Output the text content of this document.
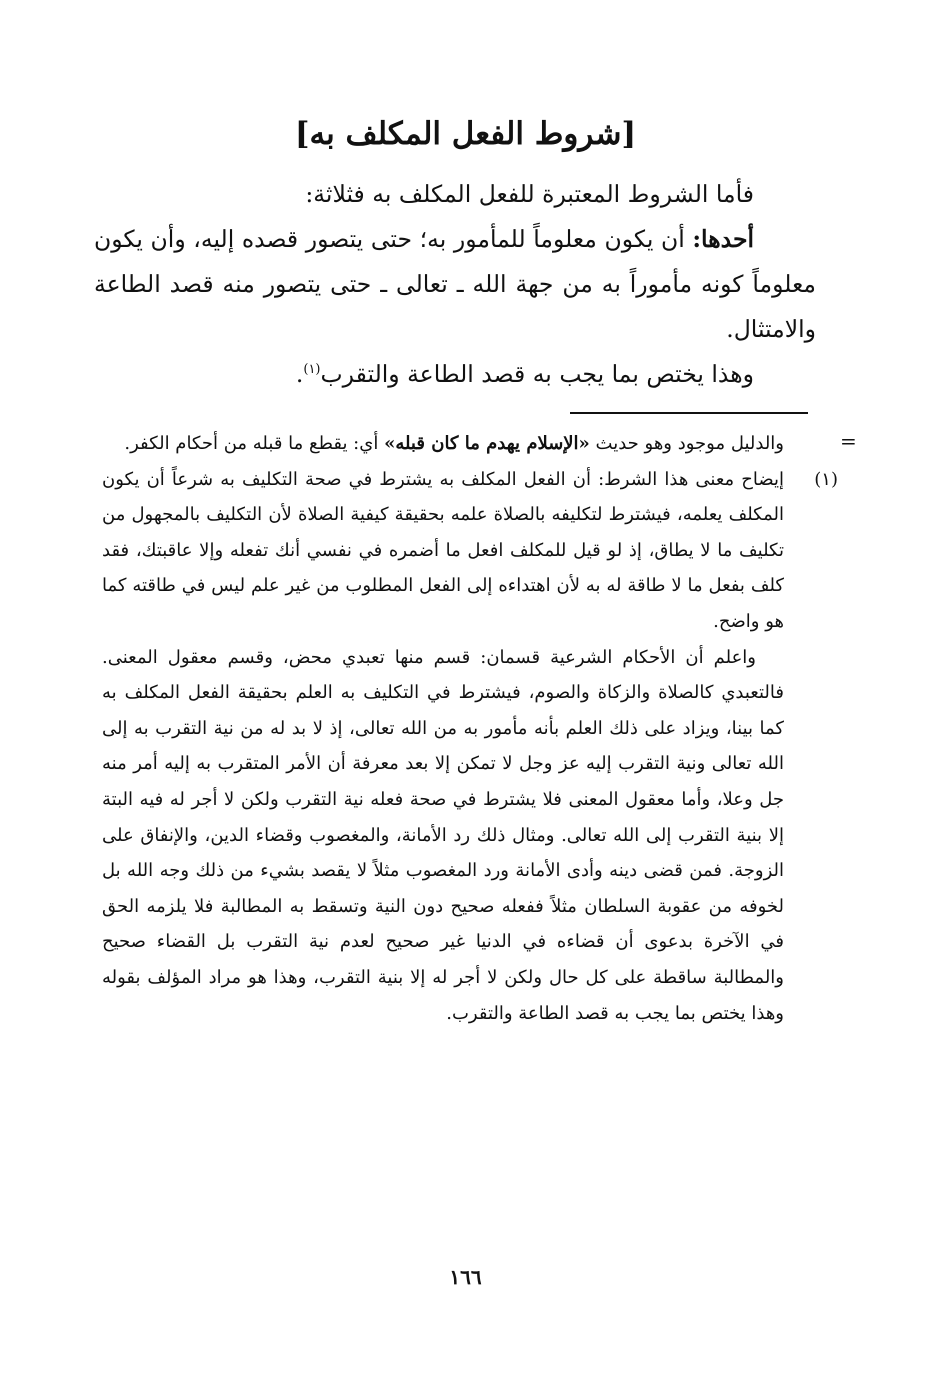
[شروط الفعل المكلف به]

فأما الشروط المعتبرة للفعل المكلف به فثلاثة:

أحدها: أن يكون معلوماً للمأمور به؛ حتى يتصور قصده إليه، وأن يكون معلوماً كونه مأموراً به من جهة الله ـ تعالى ـ حتى يتصور منه قصد الطاعة والامتثال.

وهذا يختص بما يجب به قصد الطاعة والتقرب$^{(١)}$.

=

والدليل موجود وهو حديث «الإسلام يهدم ما كان قبله» أي: يقطع ما قبله من أحكام الكفر.

(١)
إيضاح معنى هذا الشرط: أن الفعل المكلف به يشترط في صحة التكليف به شرعاً أن يكون المكلف يعلمه، فيشترط لتكليفه بالصلاة علمه بحقيقة كيفية الصلاة لأن التكليف بالمجهول من تكليف ما لا يطاق، إذ لو قيل للمكلف افعل ما أضمره في نفسي أنك تفعله وإلا عاقبتك، فقد كلف بفعل ما لا طاقة له به لأن اهتداءه إلى الفعل المطلوب من غير علم ليس في طاقته كما هو واضح.

واعلم أن الأحكام الشرعية قسمان: قسم منها تعبدي محض، وقسم معقول المعنى. فالتعبدي كالصلاة والزكاة والصوم، فيشترط في التكليف به العلم بحقيقة الفعل المكلف به كما بينا، ويزاد على ذلك العلم بأنه مأمور به من الله تعالى، إذ لا بد له من نية التقرب به إلى الله تعالى ونية التقرب إليه عز وجل لا تمكن إلا بعد معرفة أن الأمر المتقرب به إليه أمر منه جل وعلا، وأما معقول المعنى فلا يشترط في صحة فعله نية التقرب ولكن لا أجر له فيه البتة إلا بنية التقرب إلى الله تعالى. ومثال ذلك رد الأمانة، والمغصوب وقضاء الدين، والإنفاق على الزوجة. فمن قضى دينه وأدى الأمانة ورد المغصوب مثلاً لا يقصد بشيء من ذلك وجه الله بل لخوفه من عقوبة السلطان مثلاً ففعله صحيح دون النية وتسقط به المطالبة فلا يلزمه الحق في الآخرة بدعوى أن قضاءه في الدنيا غير صحيح لعدم نية التقرب بل القضاء صحيح والمطالبة ساقطة على كل حال ولكن لا أجر له إلا بنية التقرب، وهذا هو مراد المؤلف بقوله وهذا يختص بما يجب به قصد الطاعة والتقرب.

١٦٦
